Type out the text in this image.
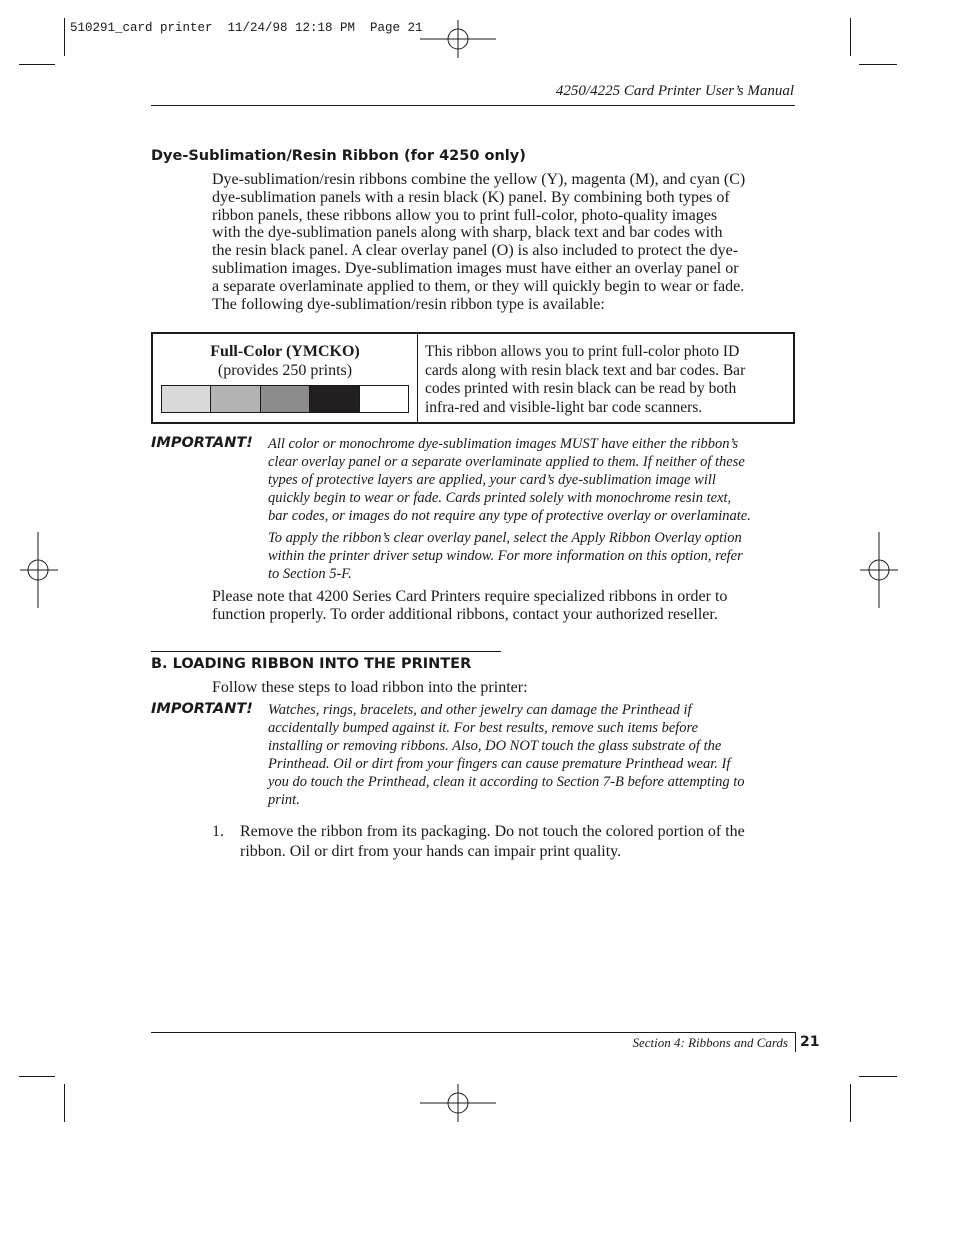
510291_card printer  11/24/98 12:18 PM  Page 21
4250/4225 Card Printer User’s Manual
Dye-Sublimation/Resin Ribbon (for 4250 only)
Dye-sublimation/resin ribbons combine the yellow (Y), magenta (M), and cyan (C)
dye-sublimation panels with a resin black (K) panel. By combining both types of
ribbon panels, these ribbons allow you to print full-color, photo-quality images
with the dye-sublimation panels along with sharp, black text and bar codes with
the resin black panel. A clear overlay panel (O) is also included to protect the dye-
sublimation images. Dye-sublimation images must have either an overlay panel or
a separate overlaminate applied to them, or they will quickly begin to wear or fade.
The following dye-sublimation/resin ribbon type is available:
Full-Color (YMCKO)
(provides 250 prints)

This ribbon allows you to print full-color photo ID
cards along with resin black text and bar codes. Bar
codes printed with resin black can be read by both
infra-red and visible-light bar code scanners.
IMPORTANT! All color or monochrome dye-sublimation images MUST have either the ribbon’s
clear overlay panel or a separate overlaminate applied to them. If neither of these
types of protective layers are applied, your card’s dye-sublimation image will
quickly begin to wear or fade. Cards printed solely with monochrome resin text,
bar codes, or images do not require any type of protective overlay or overlaminate.
To apply the ribbon’s clear overlay panel, select the Apply Ribbon Overlay option
within the printer driver setup window. For more information on this option, refer
to Section 5-F.
Please note that 4200 Series Card Printers require specialized ribbons in order to
function properly. To order additional ribbons, contact your authorized reseller.
B. LOADING RIBBON INTO THE PRINTER
Follow these steps to load ribbon into the printer:
IMPORTANT! Watches, rings, bracelets, and other jewelry can damage the Printhead if
accidentally bumped against it. For best results, remove such items before
installing or removing ribbons. Also, DO NOT touch the glass substrate of the
Printhead. Oil or dirt from your fingers can cause premature Printhead wear. If
you do touch the Printhead, clean it according to Section 7-B before attempting to
print.
1. Remove the ribbon from its packaging. Do not touch the colored portion of the
ribbon. Oil or dirt from your hands can impair print quality.
Section 4: Ribbons and Cards 21
